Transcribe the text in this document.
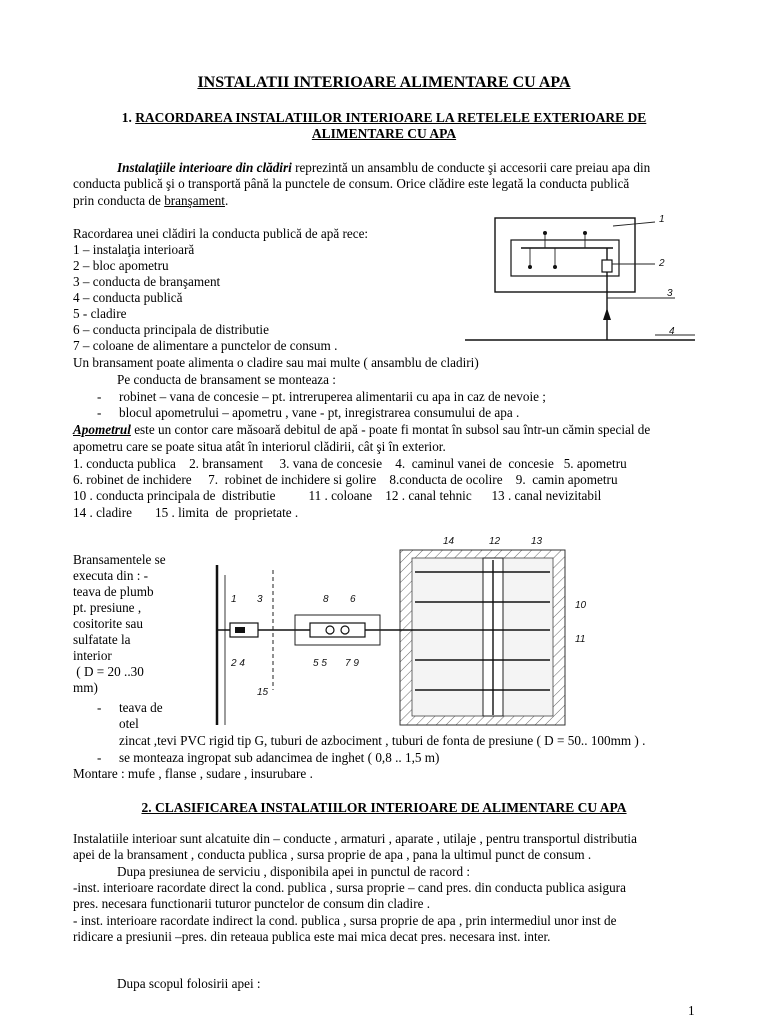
INSTALATII INTERIOARE ALIMENTARE CU APA
1. RACORDAREA INSTALATIILOR INTERIOARE LA RETELELE EXTERIOARE DE
ALIMENTARE CU APA
Instalaţiile interioare din clădiri reprezintă un ansamblu de conducte şi accesorii care preiau apa din
conducta publică şi o transportă până la punctele de consum. Orice clădire este legată la conducta publică
prin conducta de branşament.
Racordarea unei clădiri la conducta publică de apă rece:
1 – instalaţia interioară
2 – bloc apometru
3 – conducta de branşament
4 – conducta publică
5 - cladire
6 – conducta principala de distributie
7 – coloane de alimentare a punctelor de consum .
1
2
3
4
Un bransament poate alimenta o cladire sau mai multe ( ansamblu de cladiri)
Pe conducta de bransament se monteaza :
- robinet – vana de concesie – pt. intreruperea alimentarii cu apa in caz de nevoie ;
- blocul apometrului – apometru , vane - pt, inregistrarea consumului de apa .
Apometrul este un contor care măsoară debitul de apă - poate fi montat în subsol sau într-un cămin special de
apometru care se poate situa atât în interiorul clădirii, cât şi în exterior.
1. conducta publica    2. bransament     3. vana de concesie    4.  caminul vanei de  concesie   5. apometru
6. robinet de inchidere     7.  robinet de inchidere si golire    8.conducta de ocolire    9.  camin apometru
10 . conducta principala de  distributie          11 . coloane    12 . canal tehnic      13 . canal nevizitabil
14 . cladire       15 . limita  de  proprietate .
Bransamentele se
executa din : -
teava de plumb
pt. presiune ,
cositorite sau
sulfatate la
interior
( D = 20 ..30
mm)
- teava de
otel
zincat ,tevi PVC rigid tip G, tuburi de azbociment , tuburi de fonta de presiune ( D = 50.. 100mm ) .
- se monteaza ingropat sub adancimea de inghet ( 0,8 .. 1,5 m)
Montare : mufe , flanse , sudare , insurubare .
1 3	8 6
14	12	13
10
11
2 4	5 5 7 9
15
2. CLASIFICAREA INSTALATIILOR INTERIOARE DE ALIMENTARE CU APA
Instalatiile interioar sunt alcatuite din – conducte , armaturi , aparate , utilaje , pentru transportul distributia
apei de la bransament , conducta publica , sursa proprie de apa , pana la ultimul punct de consum .
Dupa presiunea de serviciu , disponibila apei in punctul de racord :
-inst. interioare racordate direct la cond. publica , sursa proprie – cand pres. din conducta publica asigura
pres. necesara functionarii tuturor punctelor de consum din cladire .
- inst. interioare racordate indirect la cond. publica , sursa proprie de apa , prin intermediul unor inst de
ridicare a presiunii –pres. din reteaua publica este mai mica decat pres. necesara inst. inter.
Dupa scopul folosirii apei :
1
